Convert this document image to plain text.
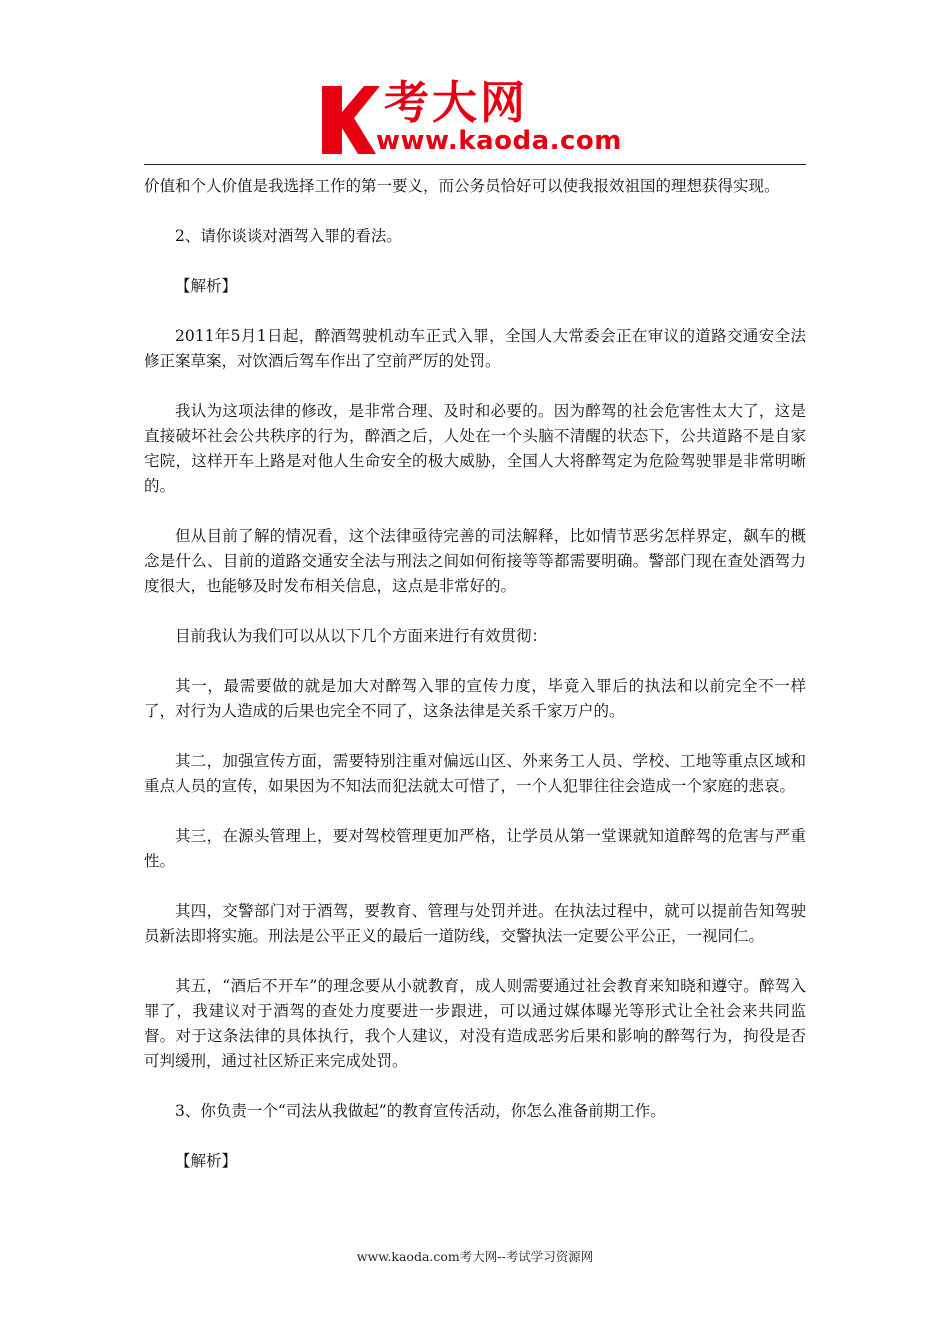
考大网
www.kaoda.com

价值和个人价值是我选择工作的第一要义，而公务员恰好可以使我报效祖国的理想获得实现。

2、请你谈谈对酒驾入罪的看法。

【解析】

2011年5月1日起，醉酒驾驶机动车正式入罪，全国人大常委会正在审议的道路交通安全法修正案草案，对饮酒后驾车作出了空前严厉的处罚。

我认为这项法律的修改，是非常合理、及时和必要的。因为醉驾的社会危害性太大了，这是直接破坏社会公共秩序的行为，醉酒之后，人处在一个头脑不清醒的状态下，公共道路不是自家宅院，这样开车上路是对他人生命安全的极大威胁，全国人大将醉驾定为危险驾驶罪是非常明晰的。

但从目前了解的情况看，这个法律亟待完善的司法解释，比如情节恶劣怎样界定，飙车的概念是什么、目前的道路交通安全法与刑法之间如何衔接等等都需要明确。警部门现在查处酒驾力度很大，也能够及时发布相关信息，这点是非常好的。

目前我认为我们可以从以下几个方面来进行有效贯彻：

其一，最需要做的就是加大对醉驾入罪的宣传力度，毕竟入罪后的执法和以前完全不一样了，对行为人造成的后果也完全不同了，这条法律是关系千家万户的。

其二，加强宣传方面，需要特别注重对偏远山区、外来务工人员、学校、工地等重点区域和重点人员的宣传，如果因为不知法而犯法就太可惜了，一个人犯罪往往会造成一个家庭的悲哀。

其三，在源头管理上，要对驾校管理更加严格，让学员从第一堂课就知道醉驾的危害与严重性。

其四，交警部门对于酒驾，要教育、管理与处罚并进。在执法过程中，就可以提前告知驾驶员新法即将实施。刑法是公平正义的最后一道防线，交警执法一定要公平公正，一视同仁。

其五，“酒后不开车”的理念要从小就教育，成人则需要通过社会教育来知晓和遵守。醉驾入罪了，我建议对于酒驾的查处力度要进一步跟进，可以通过媒体曝光等形式让全社会来共同监督。对于这条法律的具体执行，我个人建议，对没有造成恶劣后果和影响的醉驾行为，拘役是否可判缓刑，通过社区矫正来完成处罚。

3、你负责一个“司法从我做起”的教育宣传活动，你怎么准备前期工作。

【解析】

www.kaoda.com考大网--考试学习资源网
